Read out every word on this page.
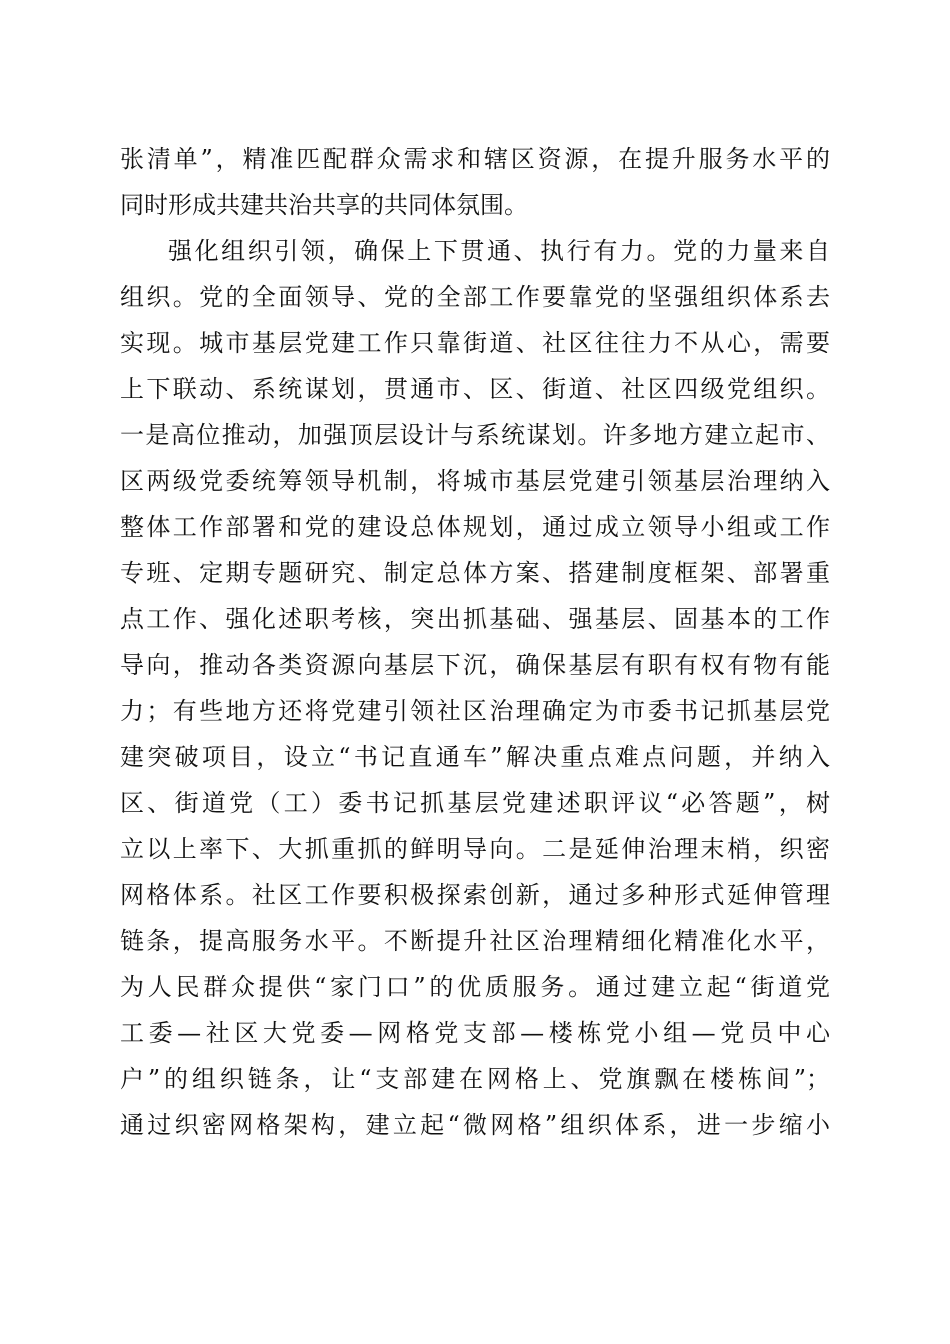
张清单”，精准匹配群众需求和辖区资源，在提升服务水平的
同时形成共建共治共享的共同体氛围。
强化组织引领，确保上下贯通、执行有力。党的力量来自
组织。党的全面领导、党的全部工作要靠党的坚强组织体系去
实现。城市基层党建工作只靠街道、社区往往力不从心，需要
上下联动、系统谋划，贯通市、区、街道、社区四级党组织。
一是高位推动，加强顶层设计与系统谋划。许多地方建立起市、
区两级党委统筹领导机制，将城市基层党建引领基层治理纳入
整体工作部署和党的建设总体规划，通过成立领导小组或工作
专班、定期专题研究、制定总体方案、搭建制度框架、部署重
点工作、强化述职考核，突出抓基础、强基层、固基本的工作
导向，推动各类资源向基层下沉，确保基层有职有权有物有能
力；有些地方还将党建引领社区治理确定为市委书记抓基层党
建突破项目，设立“书记直通车”解决重点难点问题，并纳入
区、街道党（工）委书记抓基层党建述职评议“必答题”，树
立以上率下、大抓重抓的鲜明导向。二是延伸治理末梢，织密
网格体系。社区工作要积极探索创新，通过多种形式延伸管理
链条，提高服务水平。不断提升社区治理精细化精准化水平，
为人民群众提供“家门口”的优质服务。通过建立起“街道党
工委—社区大党委—网格党支部—楼栋党小组—党员中心
户”的组织链条，让“支部建在网格上、党旗飘在楼栋间”；
通过织密网格架构，建立起“微网格”组织体系，进一步缩小
